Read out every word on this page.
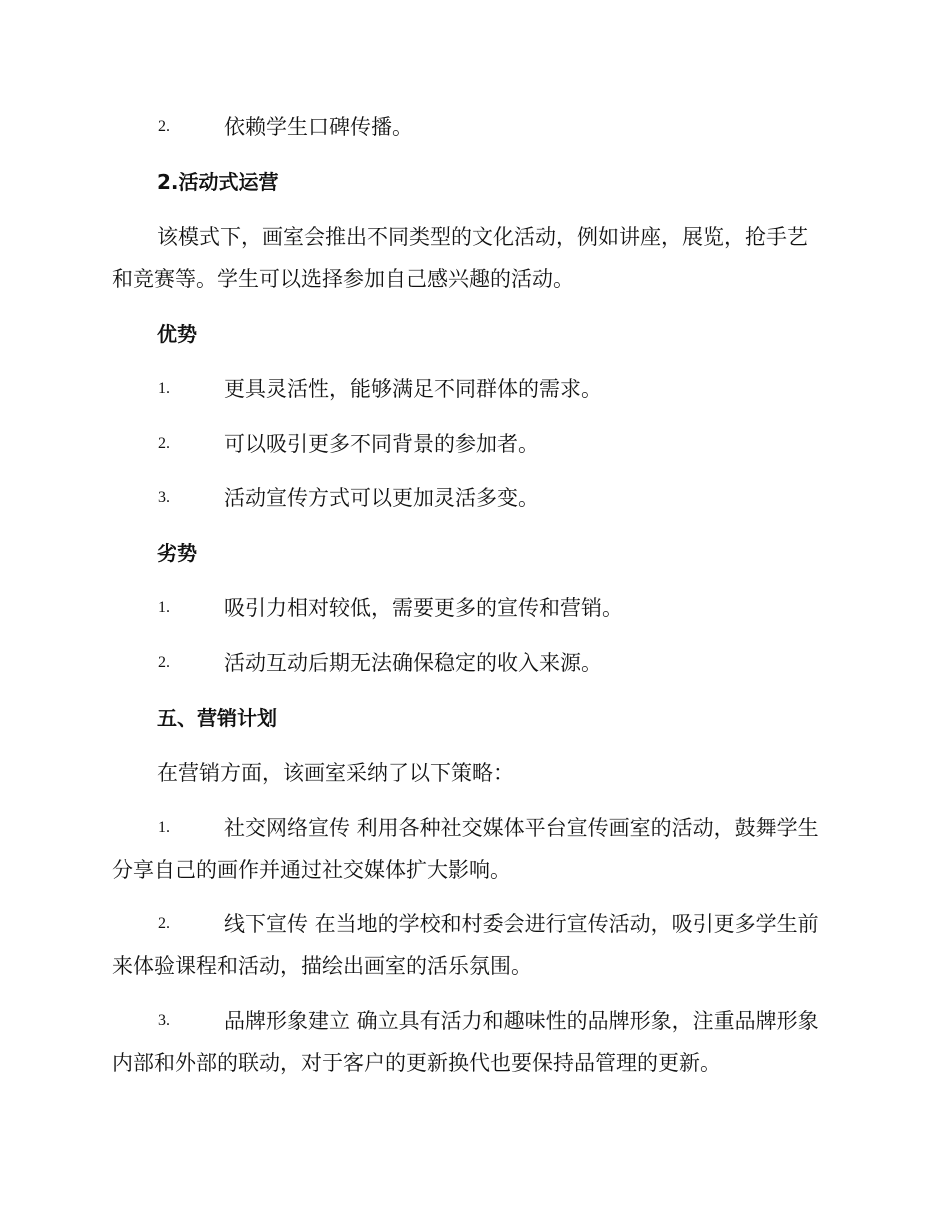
2.	依赖学生口碑传播。
2.活动式运营
该模式下，画室会推出不同类型的文化活动，例如讲座，展览，抢手艺
和竞赛等。学生可以选择参加自己感兴趣的活动。
优势
1.	更具灵活性，能够满足不同群体的需求。
2.	可以吸引更多不同背景的参加者。
3.	活动宣传方式可以更加灵活多变。
劣势
1.	吸引力相对较低，需要更多的宣传和营销。
2.	活动互动后期无法确保稳定的收入来源。
五、营销计划
在营销方面，该画室采纳了以下策略：
1.	社交网络宣传 利用各种社交媒体平台宣传画室的活动，鼓舞学生
分享自己的画作并通过社交媒体扩大影响。
2.	线下宣传 在当地的学校和村委会进行宣传活动，吸引更多学生前
来体验课程和活动，描绘出画室的活乐氛围。
3.	品牌形象建立 确立具有活力和趣味性的品牌形象，注重品牌形象
内部和外部的联动，对于客户的更新换代也要保持品管理的更新。
